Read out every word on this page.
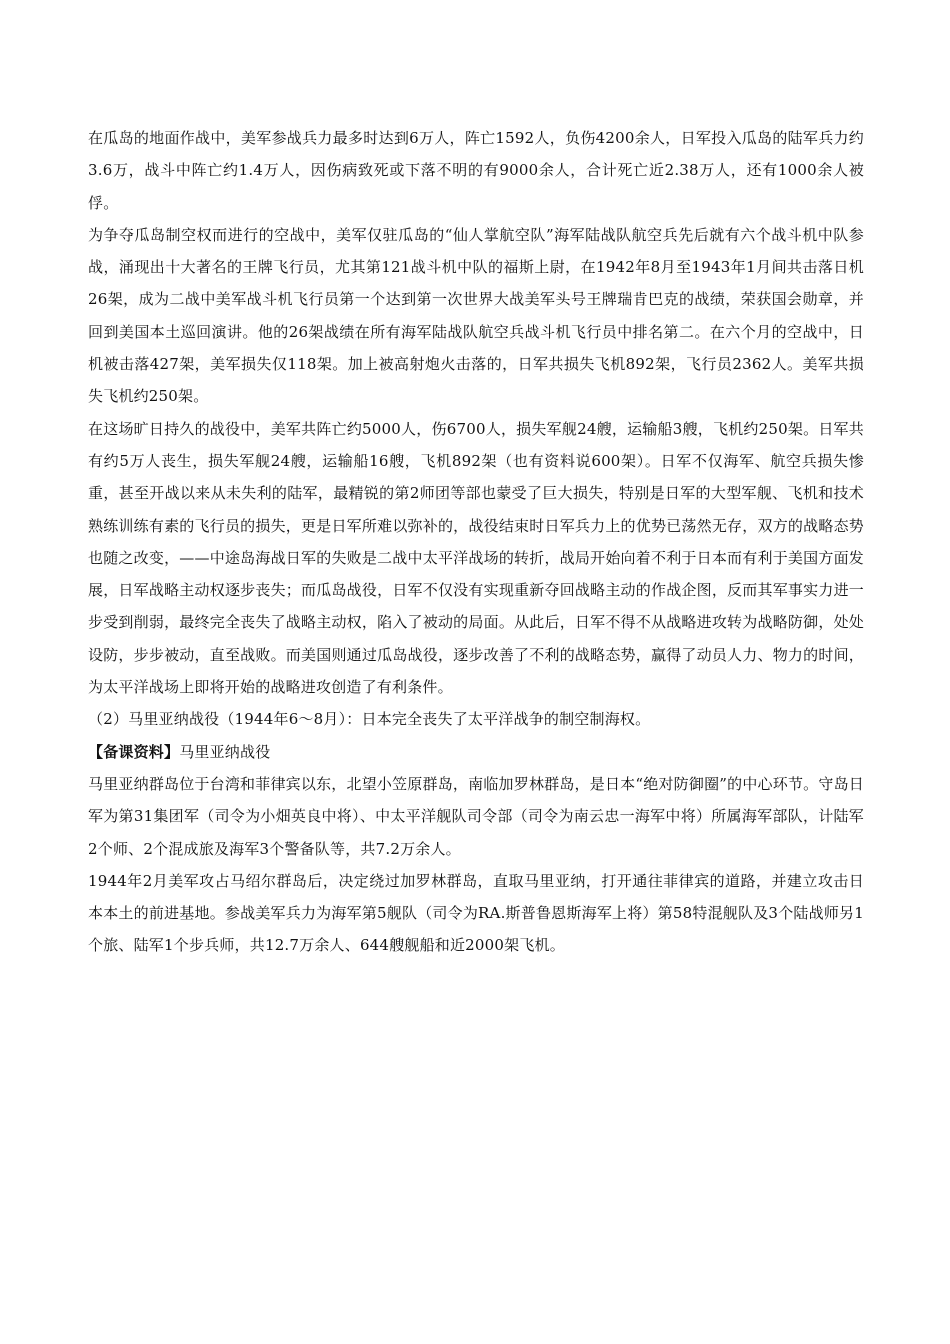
在瓜岛的地面作战中，美军参战兵力最多时达到6万人，阵亡1592人，负伤4200余人，日军投入瓜岛的陆军兵力约3.6万，战斗中阵亡约1.4万人，因伤病致死或下落不明的有9000余人，合计死亡近2.38万人，还有1000余人被俘。

为争夺瓜岛制空权而进行的空战中，美军仅驻瓜岛的“仙人掌航空队”海军陆战队航空兵先后就有六个战斗机中队参战，涌现出十大著名的王牌飞行员，尤其第121战斗机中队的福斯上尉，在1942年8月至1943年1月间共击落日机26架，成为二战中美军战斗机飞行员第一个达到第一次世界大战美军头号王牌瑞肯巴克的战绩，荣获国会勋章，并回到美国本土巡回演讲。他的26架战绩在所有海军陆战队航空兵战斗机飞行员中排名第二。在六个月的空战中，日机被击落427架，美军损失仅118架。加上被高射炮火击落的，日军共损失飞机892架，飞行员2362人。美军共损失飞机约250架。

在这场旷日持久的战役中，美军共阵亡约5000人，伤6700人，损失军舰24艘，运输船3艘，飞机约250架。日军共有约5万人丧生，损失军舰24艘，运输船16艘，飞机892架（也有资料说600架）。日军不仅海军、航空兵损失惨重，甚至开战以来从未失利的陆军，最精锐的第2师团等部也蒙受了巨大损失，特别是日军的大型军舰、飞机和技术熟练训练有素的飞行员的损失，更是日军所难以弥补的，战役结束时日军兵力上的优势已荡然无存，双方的战略态势也随之改变，——中途岛海战日军的失败是二战中太平洋战场的转折，战局开始向着不利于日本而有利于美国方面发展，日军战略主动权逐步丧失；而瓜岛战役，日军不仅没有实现重新夺回战略主动的作战企图，反而其军事实力进一步受到削弱，最终完全丧失了战略主动权，陷入了被动的局面。从此后，日军不得不从战略进攻转为战略防御，处处设防，步步被动，直至战败。而美国则通过瓜岛战役，逐步改善了不利的战略态势，赢得了动员人力、物力的时间，为太平洋战场上即将开始的战略进攻创造了有利条件。

（2）马里亚纳战役（1944年6～8月）：日本完全丧失了太平洋战争的制空制海权。

【备课资料】马里亚纳战役

马里亚纳群岛位于台湾和菲律宾以东，北望小笠原群岛，南临加罗林群岛，是日本“绝对防御圈”的中心环节。守岛日军为第31集团军（司令为小畑英良中将）、中太平洋舰队司令部（司令为南云忠一海军中将）所属海军部队，计陆军2个师、2个混成旅及海军3个警备队等，共7.2万余人。

1944年2月美军攻占马绍尔群岛后，决定绕过加罗林群岛，直取马里亚纳，打开通往菲律宾的道路，并建立攻击日本本土的前进基地。参战美军兵力为海军第5舰队（司令为RA.斯普鲁恩斯海军上将）第58特混舰队及3个陆战师另1个旅、陆军1个步兵师，共12.7万余人、644艘舰船和近2000架飞机。
